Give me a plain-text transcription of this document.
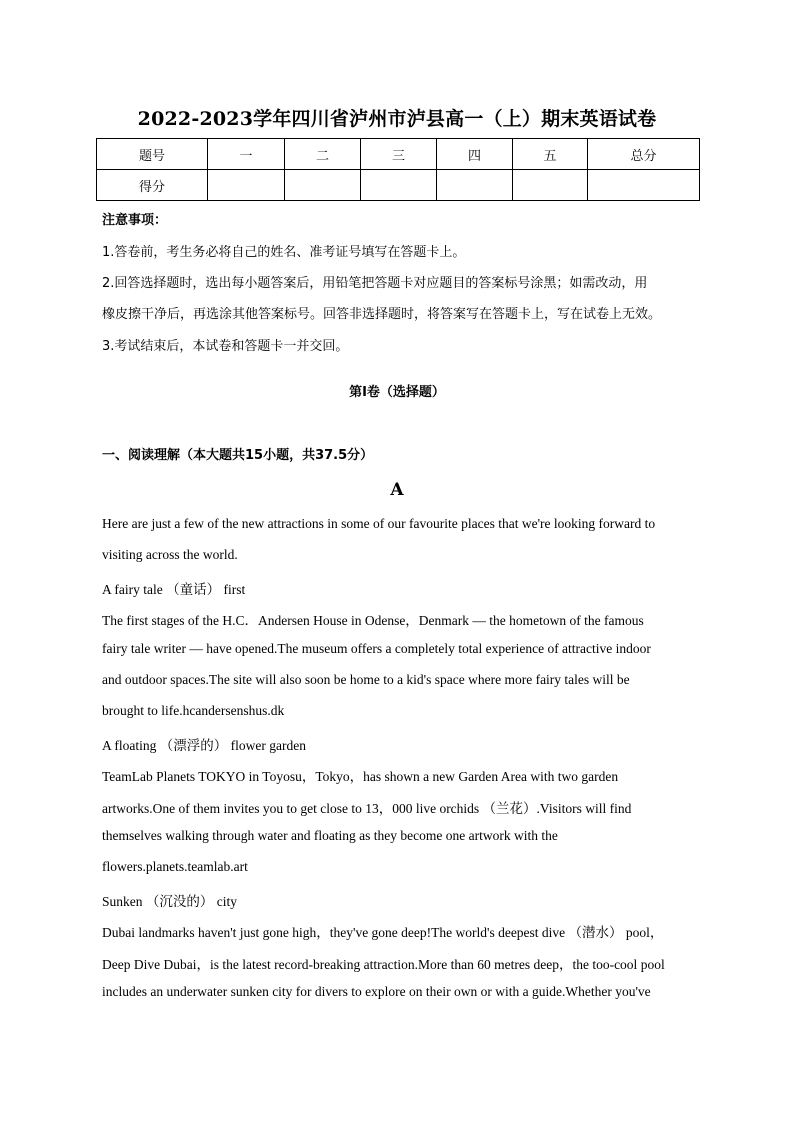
2022-2023学年四川省泸州市泸县高一（上）期末英语试卷
题号	一	二	三	四	五	总分
得分						
注意事项：
1.答卷前，考生务必将自己的姓名、准考证号填写在答题卡上。
2.回答选择题时，选出每小题答案后，用铅笔把答题卡对应题目的答案标号涂黑；如需改动，用
橡皮擦干净后，再选涂其他答案标号。回答非选择题时，将答案写在答题卡上，写在试卷上无效。
3.考试结束后，本试卷和答题卡一并交回。
第Ⅰ卷（选择题）
一、阅读理解（本大题共15小题，共37.5分）
A
Here are just a few of the new attractions in some of our favourite places that we're looking forward to
visiting across the world.
A fairy tale （童话） first
The first stages of the H.C．Andersen House in Odense，Denmark — the hometown of the famous
fairy tale writer — have opened.The museum offers a completely total experience of attractive indoor
and outdoor spaces.The site will also soon be home to a kid's space where more fairy tales will be
brought to life.hcandersenshus.dk
A floating （漂浮的） flower garden
TeamLab Planets TOKYO in Toyosu，Tokyo，has shown a new Garden Area with two garden
artworks.One of them invites you to get close to 13，000 live orchids （兰花）.Visitors will find
themselves walking through water and floating as they become one artwork with the
flowers.planets.teamlab.art
Sunken （沉没的） city
Dubai landmarks haven't just gone high，they've gone deep!The world's deepest dive （潜水） pool，
Deep Dive Dubai，is the latest record-breaking attraction.More than 60 metres deep，the too-cool pool
includes an underwater sunken city for divers to explore on their own or with a guide.Whether you've
